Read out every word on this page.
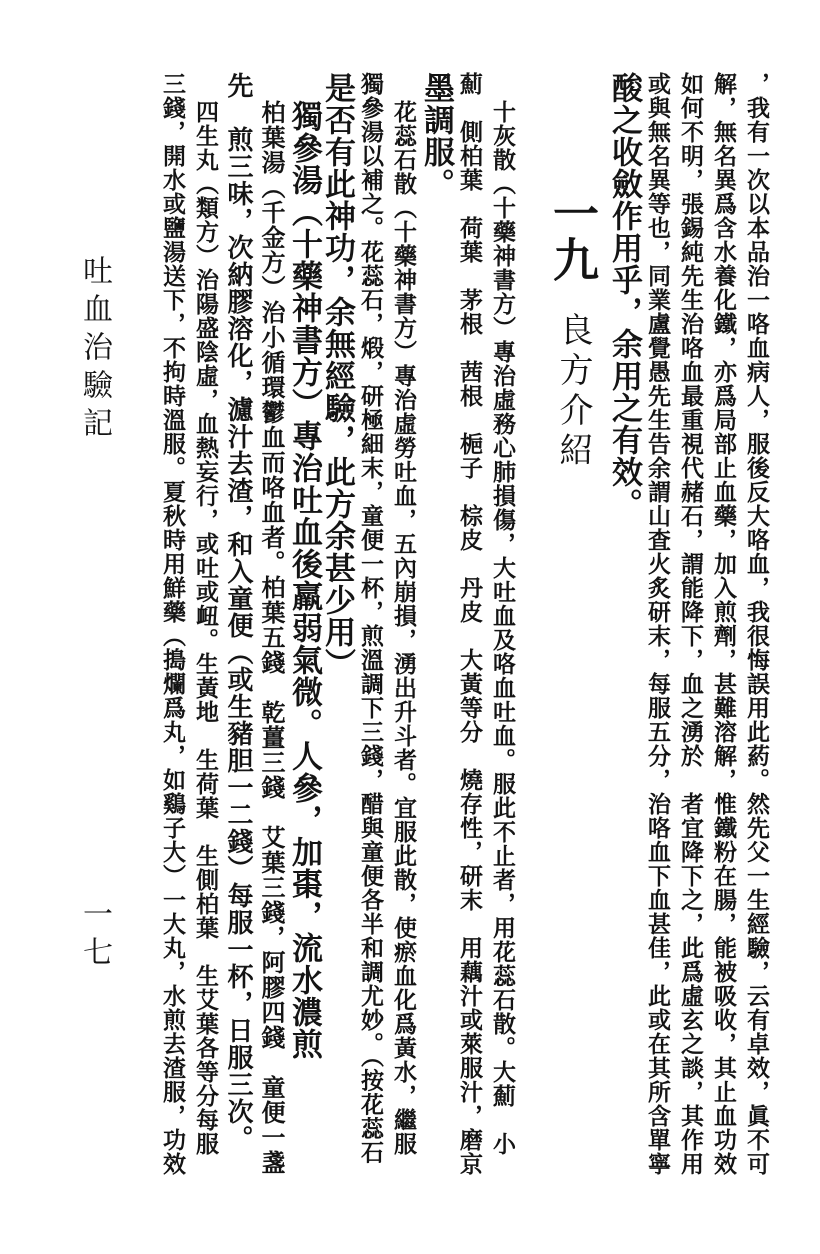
，我有一次以本品治一咯血病人，服後反大咯血，我很悔誤用此葯。然先父一生經驗，云有卓效，眞不可
解，無名異爲含水養化鐵，亦爲局部止血藥，加入煎劑，甚難溶解，惟鐵粉在腸，能被吸收，其止血功效
如何不明，張錫純先生治咯血最重視代赭石，謂能降下，血之湧於　者宜降下之，此爲虛玄之談，其作用
或與無名異等也，同業盧覺愚先生告余謂山査火炙研末，每服五分，治咯血下血甚佳，此或在其所含單寧
酸之收斂作用乎，余用之有效。
一九良方介紹
十灰散（十藥神書方）專治虛務心肺損傷，大吐血及咯血吐血。服此不止者，用花蕊石散。大薊　小
薊　側柏葉　荷葉　茅根　茜根　梔子　棕皮　丹皮　大黃等分　燒存性，研末　用藕汁或萊服汁，磨京
墨調服。
花蕊石散（十藥神書方）專治虛勞吐血，五內崩損，湧出升斗者。宜服此散，使瘀血化爲黃水，繼服
獨參湯以補之。花蕊石，煅，研極細末，童便一杯，煎溫調下三錢，醋與童便各半和調尤妙。（按花蕊石
是否有此神功，余無經驗，此方余甚少用）
獨參湯（十藥神書方）專治吐血後羸弱氣微。人參，加棗，流水濃煎
柏葉湯（千金方）治小循環鬱血而咯血者。柏葉五錢　乾薑三錢　艾葉三錢，阿膠四錢　童便一盞
先　煎三味，次納膠溶化，濾汁去渣，和入童便（或生豬胆一二錢）每服一杯，日服三次。
四生丸（類方）治陽盛陰虛，血熱妄行，或吐或衄。生黃地　生荷葉　生側柏葉　生艾葉各等分每服
三錢，開水或鹽湯送下，不拘時溫服。夏秋時用鮮藥（搗爛爲丸，如鷄子大）一大丸，水煎去渣服，功效
吐血治驗記
一七
